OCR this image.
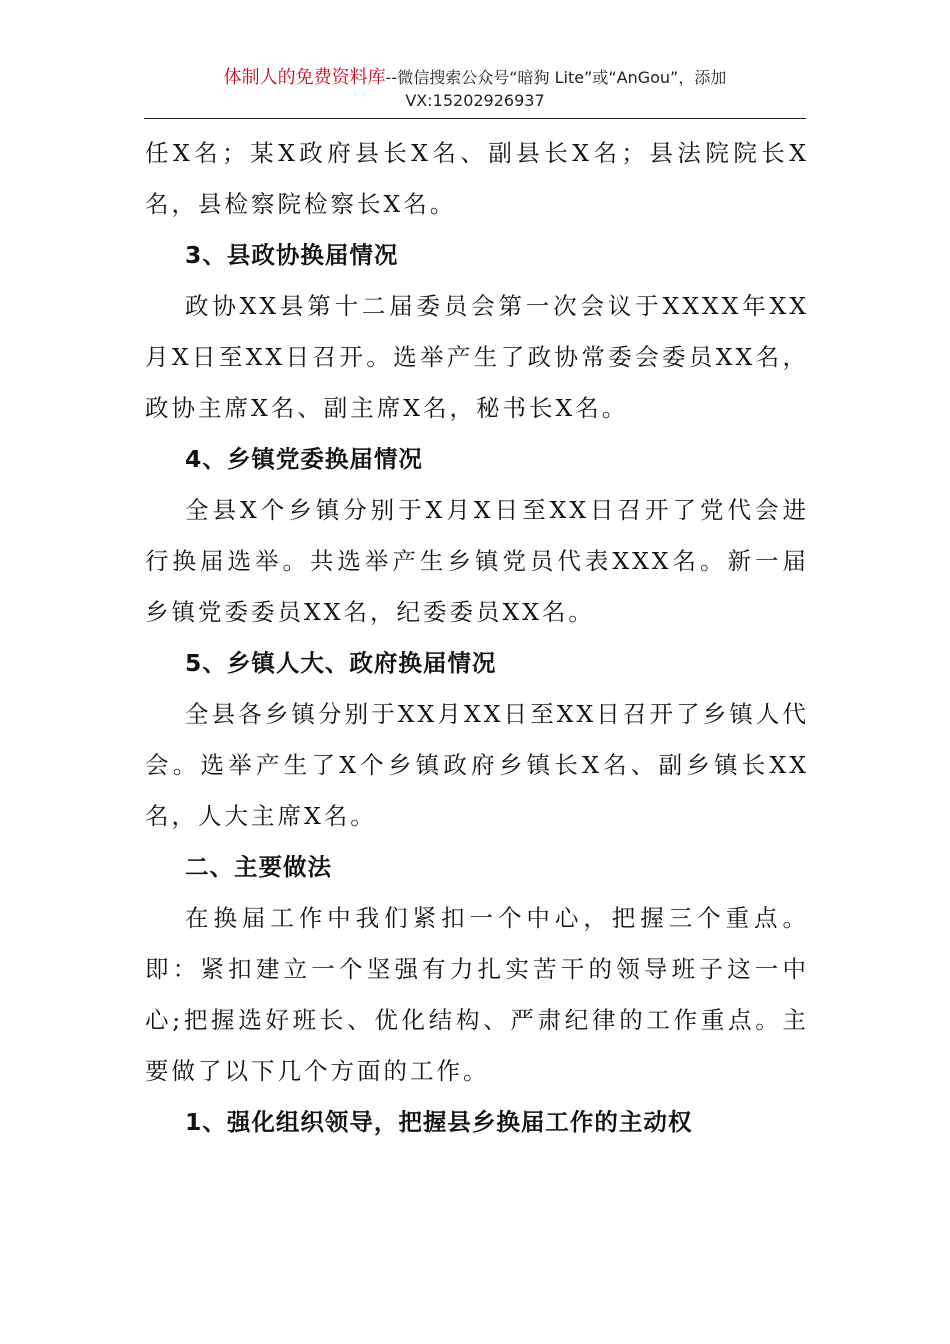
体制人的免费资料库--微信搜索公众号“暗狗 Lite”或“AnGou”，添加
VX:15202926937

任X名；某X政府县长X名、副县长X名；县法院院长X名，县检察院检察长X名。

3、县政协换届情况

政协XX县第十二届委员会第一次会议于XXXX年XX月X日至XX日召开。选举产生了政协常委会委员XX名，政协主席X名、副主席X名，秘书长X名。

4、乡镇党委换届情况

全县X个乡镇分别于X月X日至XX日召开了党代会进行换届选举。共选举产生乡镇党员代表XXX名。新一届乡镇党委委员XX名，纪委委员XX名。

5、乡镇人大、政府换届情况

全县各乡镇分别于XX月XX日至XX日召开了乡镇人代会。选举产生了X个乡镇政府乡镇长X名、副乡镇长XX名，人大主席X名。

二、主要做法

在换届工作中我们紧扣一个中心，把握三个重点。即：紧扣建立一个坚强有力扎实苦干的领导班子这一中心;把握选好班长、优化结构、严肃纪律的工作重点。主要做了以下几个方面的工作。

1、强化组织领导，把握县乡换届工作的主动权
